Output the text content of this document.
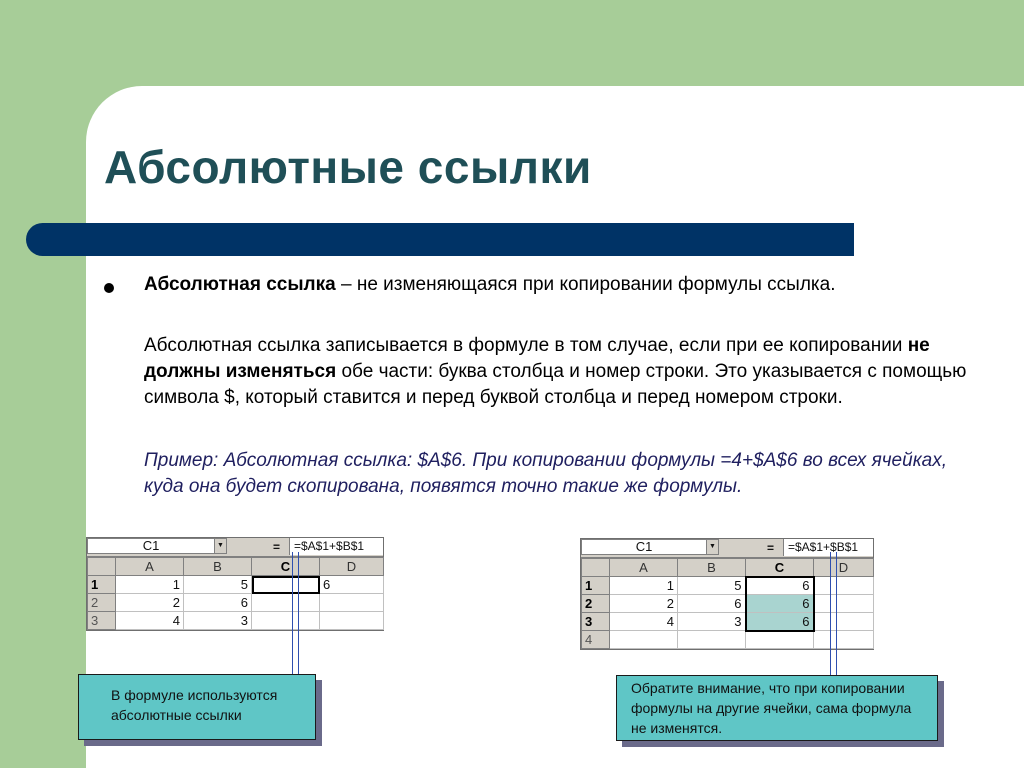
Абсолютные ссылки
Абсолютная ссылка – не изменяющаяся при копировании формулы ссылка.
Абсолютная ссылка записывается в формуле в том случае, если при ее копировании не должны изменяться обе части: буква столбца и номер строки. Это указывается с помощью символа $, который ставится и перед буквой столбца и перед номером строки.
Пример: Абсолютная ссылка: $A$6. При копировании формулы =4+$A$6 во всех ячейках, куда она будет скопирована, появятся точно такие же формулы.
C1	▼	=	=$A$1+$B$1
	A	B	C	D
1	1	5		6
2	2	6		
3	4	3		
C1	▼	=	=$A$1+$B$1
	A	B	C	D
1	1	5	6	
2	2	6	6	
3	4	3	6	
4				
В формуле используются абсолютные ссылки
Обратите внимание, что при копировании формулы на другие ячейки, сама формула не изменятся.
